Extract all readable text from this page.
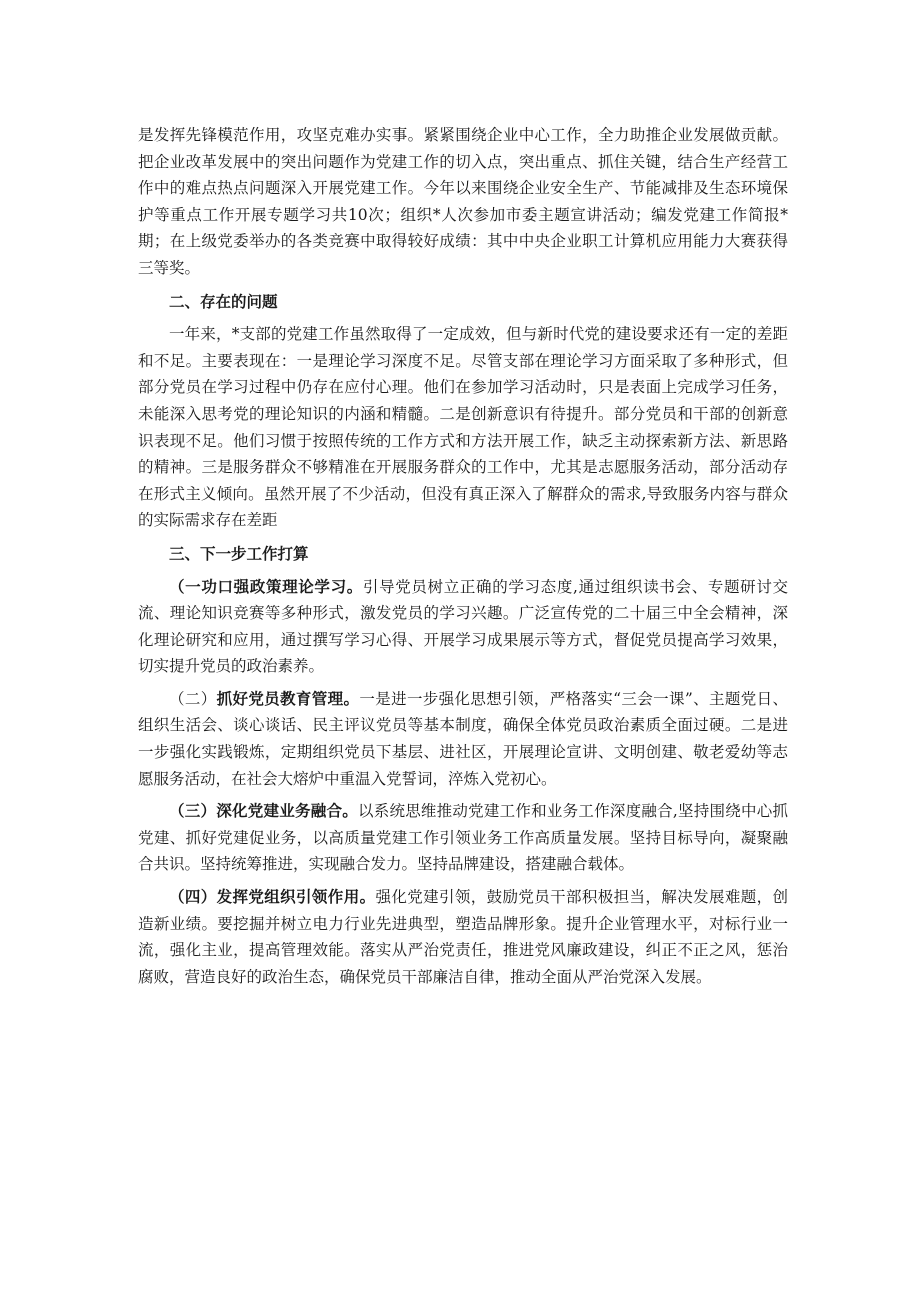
是发挥先锋模范作用，攻坚克难办实事。紧紧围绕企业中心工作，全力助推企业发展做贡献。把企业改革发展中的突出问题作为党建工作的切入点，突出重点、抓住关键，结合生产经营工作中的难点热点问题深入开展党建工作。今年以来围绕企业安全生产、节能减排及生态环境保护等重点工作开展专题学习共10次；组织*人次参加市委主题宣讲活动；编发党建工作简报*期；在上级党委举办的各类竞赛中取得较好成绩：其中中央企业职工计算机应用能力大赛获得三等奖。

二、存在的问题

一年来，*支部的党建工作虽然取得了一定成效，但与新时代党的建设要求还有一定的差距和不足。主要表现在：一是理论学习深度不足。尽管支部在理论学习方面采取了多种形式，但部分党员在学习过程中仍存在应付心理。他们在参加学习活动时，只是表面上完成学习任务，未能深入思考党的理论知识的内涵和精髓。二是创新意识有待提升。部分党员和干部的创新意识表现不足。他们习惯于按照传统的工作方式和方法开展工作，缺乏主动探索新方法、新思路的精神。三是服务群众不够精准在开展服务群众的工作中，尤其是志愿服务活动，部分活动存在形式主义倾向。虽然开展了不少活动，但没有真正深入了解群众的需求,导致服务内容与群众的实际需求存在差距

三、下一步工作打算

（一功口强政策理论学习。引导党员树立正确的学习态度,通过组织读书会、专题研讨交流、理论知识竞赛等多种形式，激发党员的学习兴趣。广泛宣传党的二十届三中全会精神，深化理论研究和应用，通过撰写学习心得、开展学习成果展示等方式，督促党员提高学习效果，切实提升党员的政治素养。

（二）抓好党员教育管理。一是进一步强化思想引领，严格落实“三会一课”、主题党日、组织生活会、谈心谈话、民主评议党员等基本制度，确保全体党员政治素质全面过硬。二是进一步强化实践锻炼，定期组织党员下基层、进社区，开展理论宣讲、文明创建、敬老爱幼等志愿服务活动，在社会大熔炉中重温入党誓词，淬炼入党初心。

（三）深化党建业务融合。以系统思维推动党建工作和业务工作深度融合,坚持围绕中心抓党建、抓好党建促业务，以高质量党建工作引领业务工作高质量发展。坚持目标导向，凝聚融合共识。坚持统筹推进，实现融合发力。坚持品牌建设，搭建融合载体。

（四）发挥党组织引领作用。强化党建引领，鼓励党员干部积极担当，解决发展难题，创造新业绩。要挖掘并树立电力行业先进典型，塑造品牌形象。提升企业管理水平，对标行业一流，强化主业，提高管理效能。落实从严治党责任，推进党风廉政建设，纠正不正之风，惩治腐败，营造良好的政治生态，确保党员干部廉洁自律，推动全面从严治党深入发展。
